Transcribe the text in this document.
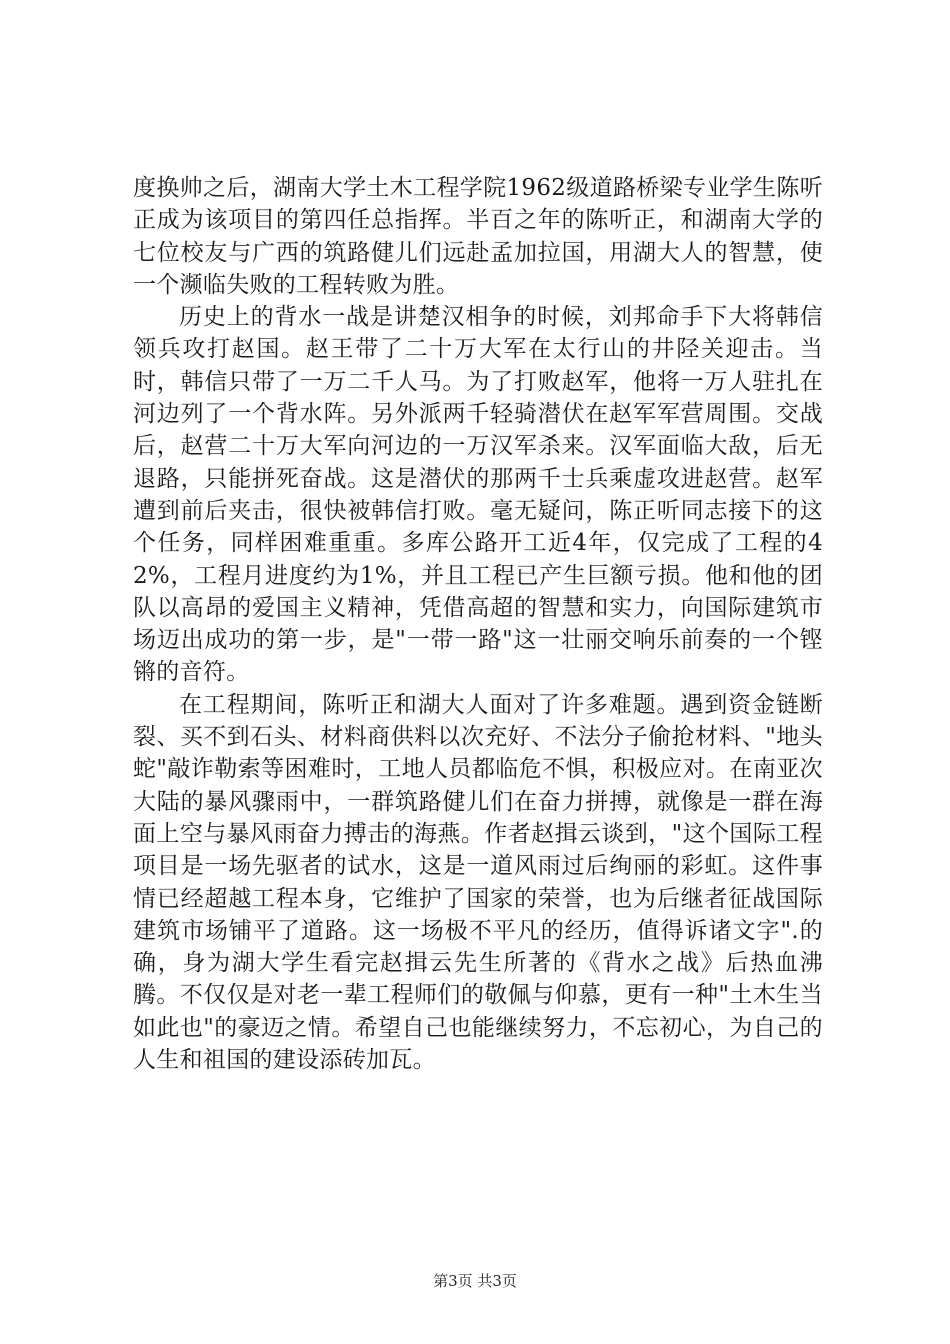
度换帅之后，湖南大学土木工程学院1962级道路桥梁专业学生陈听正成为该项目的第四任总指挥。半百之年的陈听正，和湖南大学的七位校友与广西的筑路健儿们远赴孟加拉国，用湖大人的智慧，使一个濒临失败的工程转败为胜。

历史上的背水一战是讲楚汉相争的时候，刘邦命手下大将韩信领兵攻打赵国。赵王带了二十万大军在太行山的井陉关迎击。当时，韩信只带了一万二千人马。为了打败赵军，他将一万人驻扎在河边列了一个背水阵。另外派两千轻骑潜伏在赵军军营周围。交战后，赵营二十万大军向河边的一万汉军杀来。汉军面临大敌，后无退路，只能拼死奋战。这是潜伏的那两千士兵乘虚攻进赵营。赵军遭到前后夹击，很快被韩信打败。毫无疑问，陈正听同志接下的这个任务，同样困难重重。多库公路开工近4年，仅完成了工程的42%，工程月进度约为1%，并且工程已产生巨额亏损。他和他的团队以高昂的爱国主义精神，凭借高超的智慧和实力，向国际建筑市场迈出成功的第一步，是"一带一路"这一壮丽交响乐前奏的一个铿锵的音符。

在工程期间，陈听正和湖大人面对了许多难题。遇到资金链断裂、买不到石头、材料商供料以次充好、不法分子偷抢材料、"地头蛇"敲诈勒索等困难时，工地人员都临危不惧，积极应对。在南亚次大陆的暴风骤雨中，一群筑路健儿们在奋力拼搏，就像是一群在海面上空与暴风雨奋力搏击的海燕。作者赵揖云谈到，"这个国际工程项目是一场先驱者的试水，这是一道风雨过后绚丽的彩虹。这件事情已经超越工程本身，它维护了国家的荣誉，也为后继者征战国际建筑市场铺平了道路。这一场极不平凡的经历，值得诉诸文字".的确，身为湖大学生看完赵揖云先生所著的《背水之战》后热血沸腾。不仅仅是对老一辈工程师们的敬佩与仰慕，更有一种"土木生当如此也"的豪迈之情。希望自己也能继续努力，不忘初心，为自己的人生和祖国的建设添砖加瓦。

第3页 共3页
